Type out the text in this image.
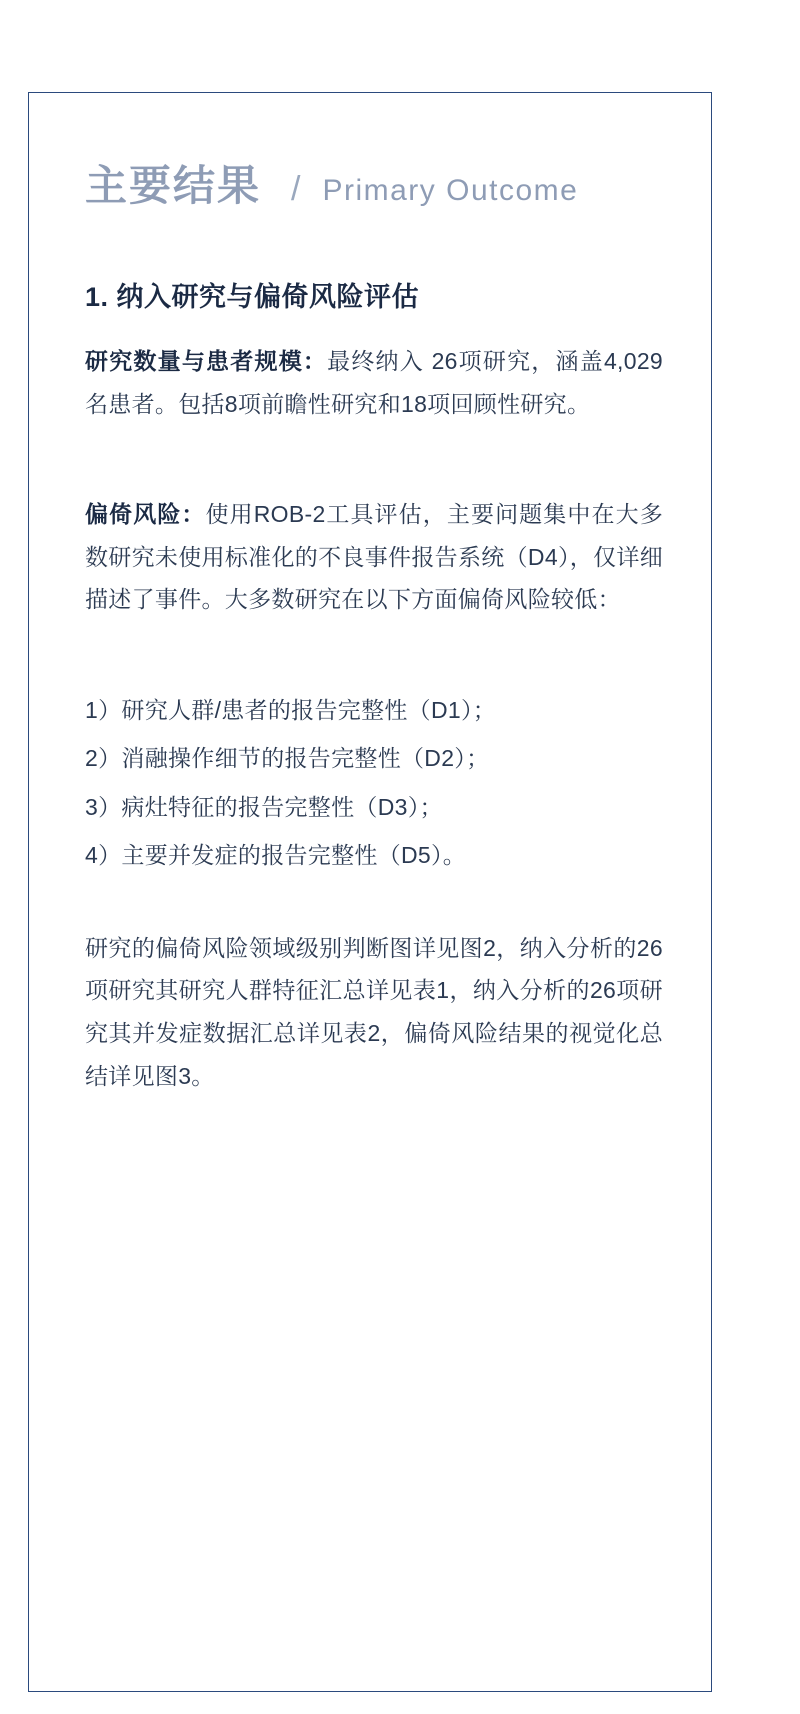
主要结果 / Primary Outcome
1. 纳入研究与偏倚风险评估

研究数量与患者规模：最终纳入 26项研究，涵盖4,029名患者。包括8项前瞻性研究和18项回顾性研究。

偏倚风险：使用ROB-2工具评估，主要问题集中在大多数研究未使用标准化的不良事件报告系统（D4），仅详细描述了事件。大多数研究在以下方面偏倚风险较低：

1）研究人群/患者的报告完整性（D1）；
2）消融操作细节的报告完整性（D2）；
3）病灶特征的报告完整性（D3）；
4）主要并发症的报告完整性（D5）。

研究的偏倚风险领域级别判断图详见图2，纳入分析的26项研究其研究人群特征汇总详见表1，纳入分析的26项研究其并发症数据汇总详见表2，偏倚风险结果的视觉化总结详见图3。
